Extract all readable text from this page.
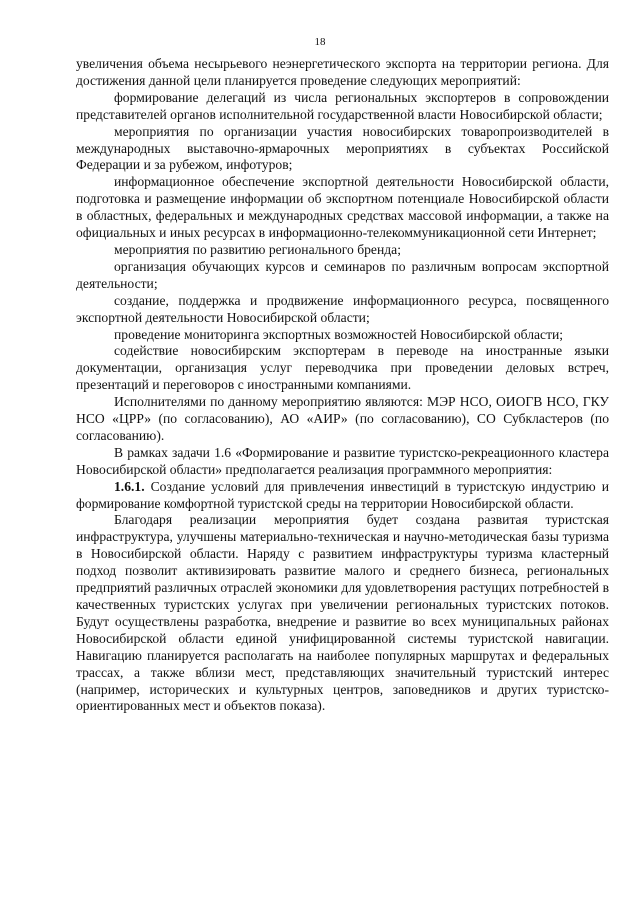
18

увеличения объема несырьевого неэнергетического экспорта на территории региона. Для достижения данной цели планируется проведение следующих мероприятий:

формирование делегаций из числа региональных экспортеров в сопровождении представителей органов исполнительной государственной власти Новосибирской области;

мероприятия по организации участия новосибирских товаропроизводителей в международных выставочно-ярмарочных мероприятиях в субъектах Российской Федерации и за рубежом, инфотуров;

информационное обеспечение экспортной деятельности Новосибирской области, подготовка и размещение информации об экспортном потенциале Новосибирской области в областных, федеральных и международных средствах массовой информации, а также на официальных и иных ресурсах в информационно-телекоммуникационной сети Интернет;

мероприятия по развитию регионального бренда;

организация обучающих курсов и семинаров по различным вопросам экспортной деятельности;

создание, поддержка и продвижение информационного ресурса, посвященного экспортной деятельности Новосибирской области;

проведение мониторинга экспортных возможностей Новосибирской области;

содействие новосибирским экспортерам в переводе на иностранные языки документации, организация услуг переводчика при проведении деловых встреч, презентаций и переговоров с иностранными компаниями.

Исполнителями по данному мероприятию являются: МЭР НСО, ОИОГВ НСО, ГКУ НСО «ЦРР» (по согласованию), АО «АИР» (по согласованию), СО Субкластеров (по согласованию).

В рамках задачи 1.6 «Формирование и развитие туристско-рекреационного кластера Новосибирской области» предполагается реализация программного мероприятия:

1.6.1. Создание условий для привлечения инвестиций в туристскую индустрию и формирование комфортной туристской среды на территории Новосибирской области.

Благодаря реализации мероприятия будет создана развитая туристская инфраструктура, улучшены материально-техническая и научно-методическая базы туризма в Новосибирской области. Наряду с развитием инфраструктуры туризма кластерный подход позволит активизировать развитие малого и среднего бизнеса, региональных предприятий различных отраслей экономики для удовлетворения растущих потребностей в качественных туристских услугах при увеличении региональных туристских потоков. Будут осуществлены разработка, внедрение и развитие во всех муниципальных районах Новосибирской области единой унифицированной системы туристской навигации. Навигацию планируется располагать на наиболее популярных маршрутах и федеральных трассах, а также вблизи мест, представляющих значительный туристский интерес (например, исторических и культурных центров, заповедников и других туристско-ориентированных мест и объектов показа).
